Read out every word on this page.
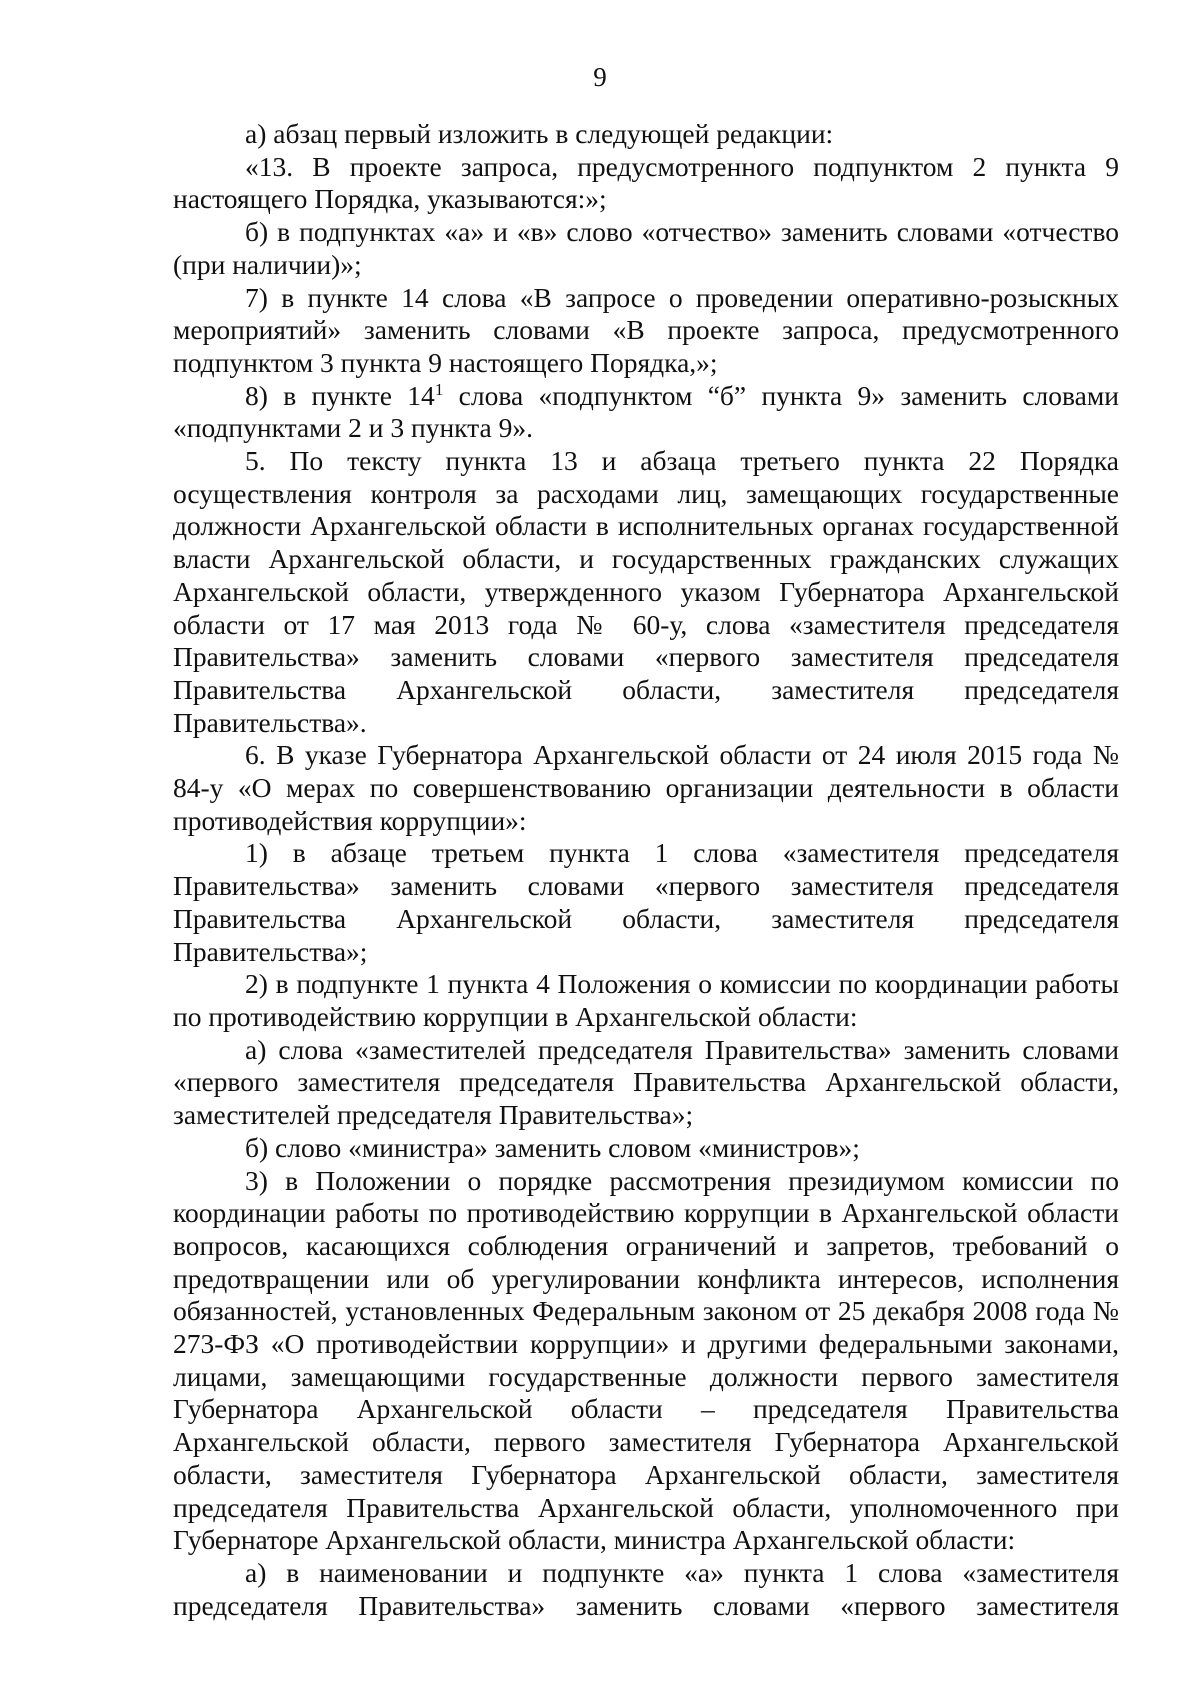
9

а) абзац первый изложить в следующей редакции:

«13. В проекте запроса, предусмотренного подпунктом 2 пункта 9 настоящего Порядка, указываются:»;

б) в подпунктах «а» и «в» слово «отчество» заменить словами «отчество (при наличии)»;

7) в пункте 14 слова «В запросе о проведении оперативно-розыскных мероприятий» заменить словами «В проекте запроса, предусмотренного подпунктом 3 пункта 9 настоящего Порядка,»;

8) в пункте $14^1$ слова «подпунктом “б” пункта 9» заменить словами «подпунктами 2 и 3 пункта 9».

5. По тексту пункта 13 и абзаца третьего пункта 22 Порядка осуществления контроля за расходами лиц, замещающих государственные должности Архангельской области в исполнительных органах государственной власти Архангельской области, и государственных гражданских служащих Архангельской области, утвержденного указом Губернатора Архангельской области от 17 мая 2013 года № 60-у, слова «заместителя председателя Правительства» заменить словами «первого заместителя председателя Правительства Архангельской области, заместителя председателя Правительства».

6. В указе Губернатора Архангельской области от 24 июля 2015 года № 84-у «О мерах по совершенствованию организации деятельности в области противодействия коррупции»:

1) в абзаце третьем пункта 1 слова «заместителя председателя Правительства» заменить словами «первого заместителя председателя Правительства Архангельской области, заместителя председателя Правительства»;

2) в подпункте 1 пункта 4 Положения о комиссии по координации работы по противодействию коррупции в Архангельской области:

а) слова «заместителей председателя Правительства» заменить словами «первого заместителя председателя Правительства Архангельской области, заместителей председателя Правительства»;

б) слово «министра» заменить словом «министров»;

3) в Положении о порядке рассмотрения президиумом комиссии по координации работы по противодействию коррупции в Архангельской области вопросов, касающихся соблюдения ограничений и запретов, требований о предотвращении или об урегулировании конфликта интересов, исполнения обязанностей, установленных Федеральным законом от 25 декабря 2008 года № 273-ФЗ «О противодействии коррупции» и другими федеральными законами, лицами, замещающими государственные должности первого заместителя Губернатора Архангельской области – председателя Правительства Архангельской области, первого заместителя Губернатора Архангельской области, заместителя Губернатора Архангельской области, заместителя председателя Правительства Архангельской области, уполномоченного при Губернаторе Архангельской области, министра Архангельской области:

а) в наименовании и подпункте «а» пункта 1 слова «заместителя председателя Правительства» заменить словами «первого заместителя
